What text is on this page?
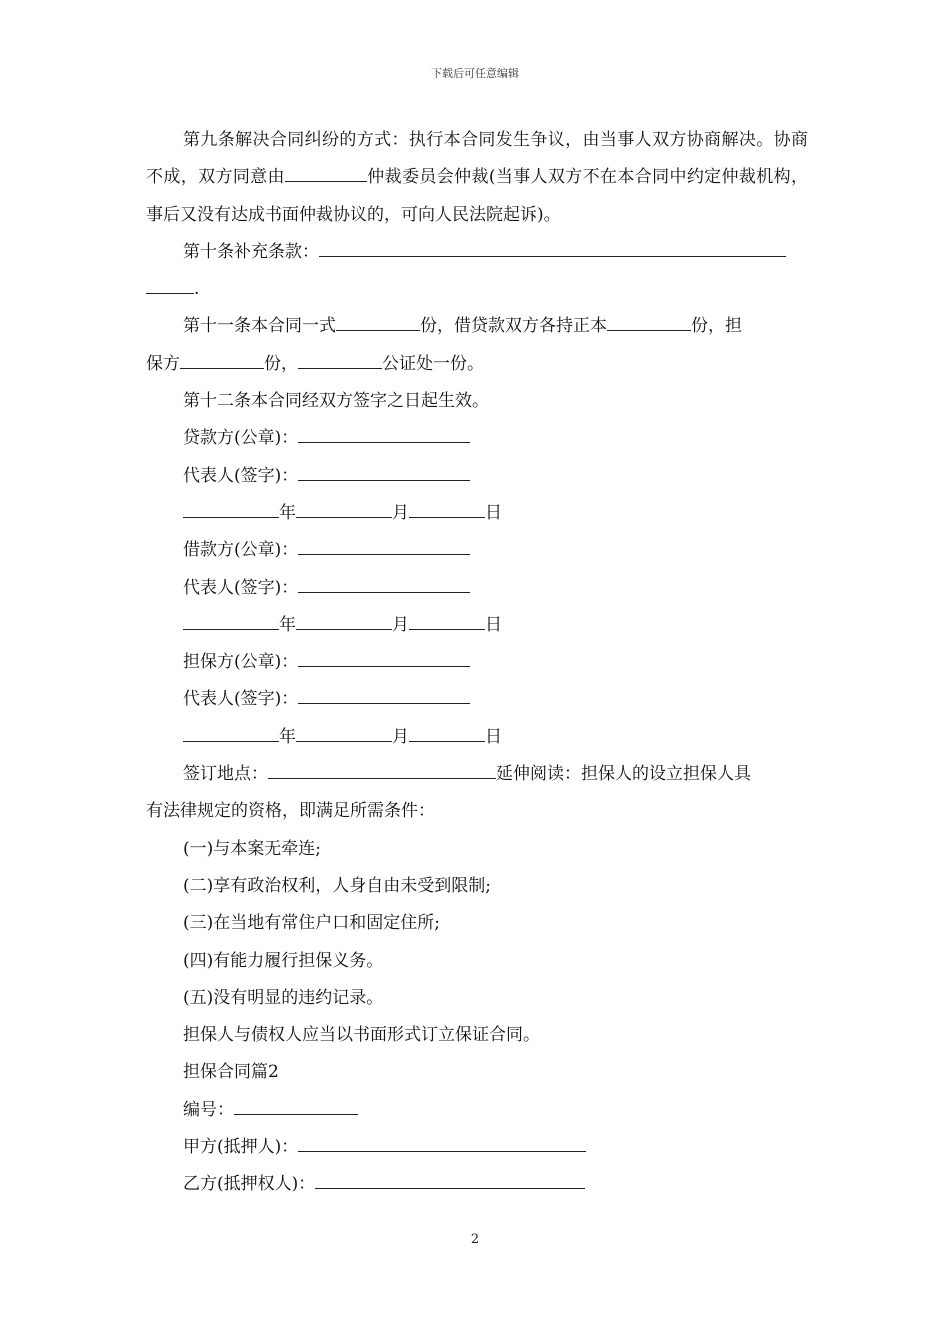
下载后可任意编辑

第九条解决合同纠纷的方式：执行本合同发生争议，由当事人双方协商解决。协商不成，双方同意由	仲裁委员会仲裁(当事人双方不在本合同中约定仲裁机构，事后又没有达成书面仲裁协议的，可向人民法院起诉)。

第十条补充条款：

.

第十一条本合同一式	份，借贷款双方各持正本	份，担

保方	份，	公证处一份。

第十二条本合同经双方签字之日起生效。

贷款方(公章)：

代表人(签字)：

年	月	日

借款方(公章)：

代表人(签字)：

年	月	日

担保方(公章)：

代表人(签字)：

年	月	日

签订地点：	延伸阅读：担保人的设立担保人具

有法律规定的资格，即满足所需条件：

(一)与本案无牵连;

(二)享有政治权利，人身自由未受到限制;

(三)在当地有常住户口和固定住所;

(四)有能力履行担保义务。

(五)没有明显的违约记录。

担保人与债权人应当以书面形式订立保证合同。

担保合同篇2

编号：

甲方(抵押人)：

乙方(抵押权人)：

2
